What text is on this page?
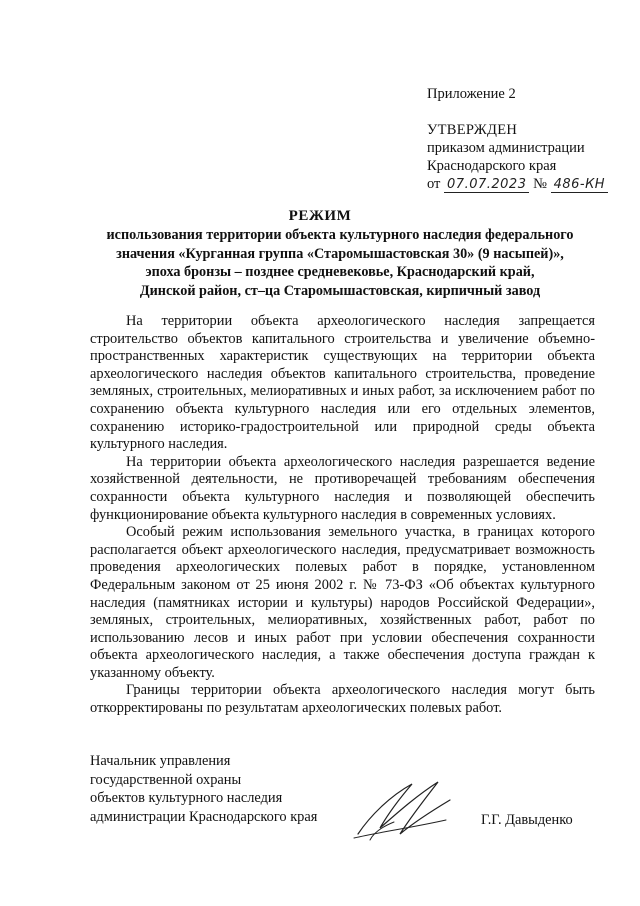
Приложение 2
УТВЕРЖДЕН
приказом администрации
Краснодарского края
от 07.07.2023 № 486-КН
РЕЖИМ
использования территории объекта культурного наследия федерального
значения «Курганная группа «Старомышастовская 30» (9 насыпей)»,
эпоха бронзы – позднее средневековье, Краснодарский край,
Динской район, ст–ца Старомышастовская, кирпичный завод

На территории объекта археологического наследия запрещается строительство объектов капитального строительства и увеличение объемно-пространственных характеристик существующих на территории объекта археологического наследия объектов капитального строительства, проведение земляных, строительных, мелиоративных и иных работ, за исключением работ по сохранению объекта культурного наследия или его отдельных элементов, сохранению историко-градостроительной или природной среды объекта культурного наследия.

На территории объекта археологического наследия разрешается ведение хозяйственной деятельности, не противоречащей требованиям обеспечения сохранности объекта культурного наследия и позволяющей обеспечить функционирование объекта культурного наследия в современных условиях.

Особый режим использования земельного участка, в границах которого располагается объект археологического наследия, предусматривает возможность проведения археологических полевых работ в порядке, установленном Федеральным законом от 25 июня 2002 г. № 73-ФЗ «Об объектах культурного наследия (памятниках истории и культуры) народов Российской Федерации», земляных, строительных, мелиоративных, хозяйственных работ, работ по использованию лесов и иных работ при условии обеспечения сохранности объекта археологического наследия, а также обеспечения доступа граждан к указанному объекту.

Границы территории объекта археологического наследия могут быть откорректированы по результатам археологических полевых работ.

Начальник управления
государственной охраны
объектов культурного наследия
администрации Краснодарского края	Г.Г. Давыденко
